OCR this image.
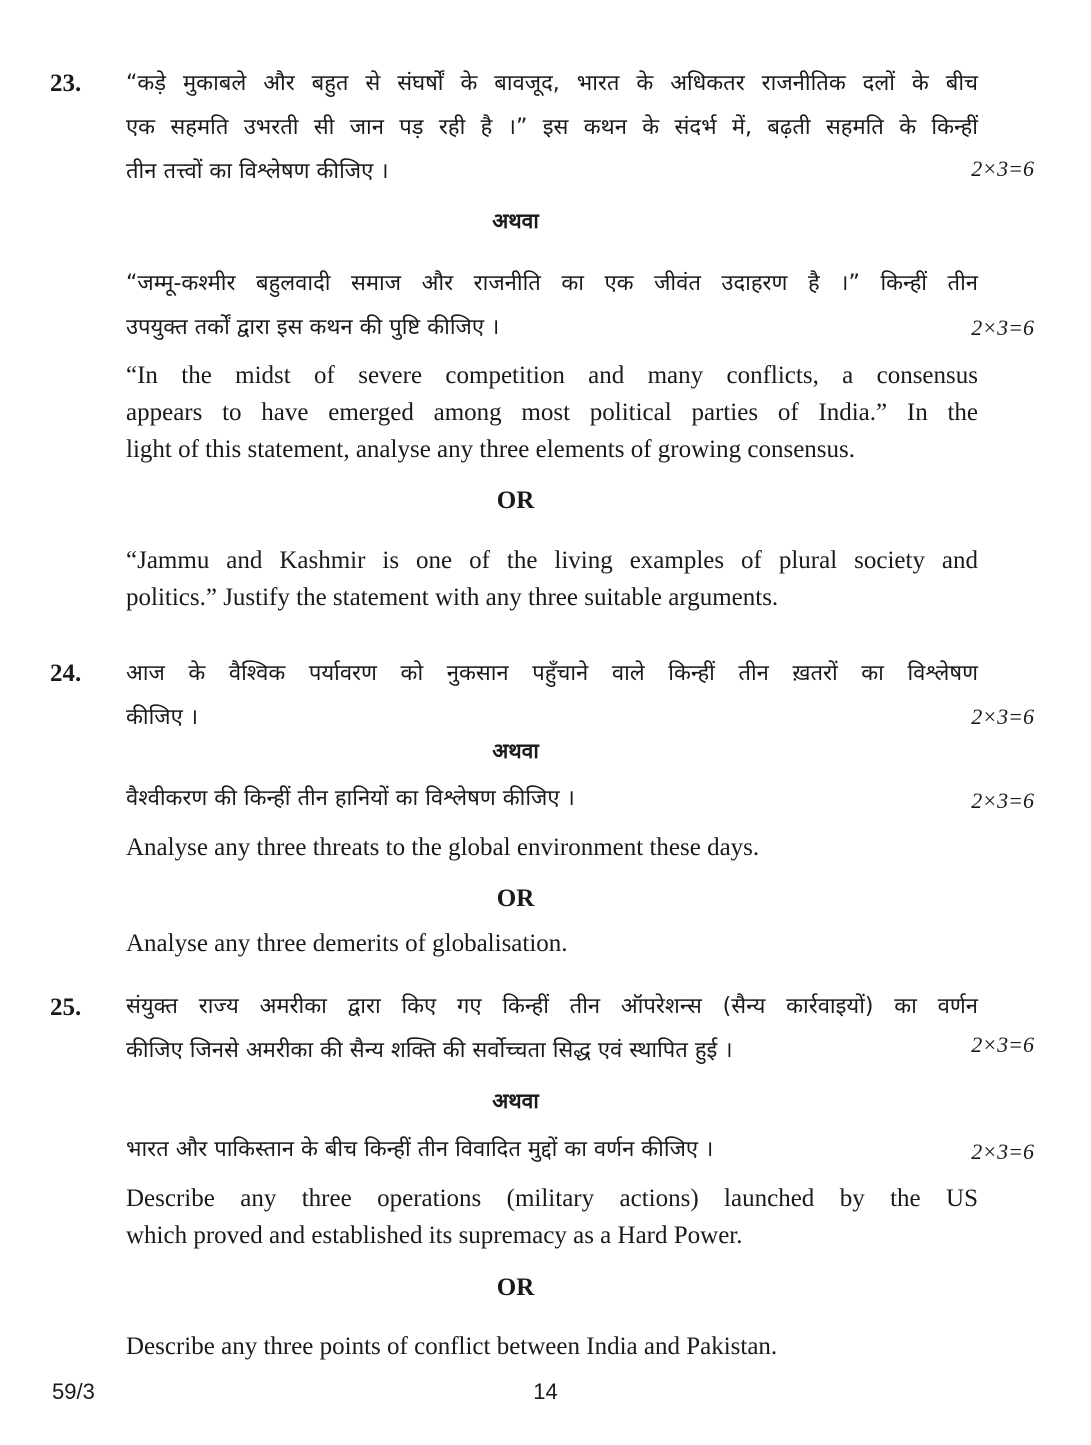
23. “कड़े मुकाबले और बहुत से संघर्षों के बावजूद, भारत के अधिकतर राजनीतिक दलों के बीच
एक सहमति उभरती सी जान पड़ रही है ।” इस कथन के संदर्भ में, बढ़ती सहमति के किन्हीं
तीन तत्त्वों का विश्लेषण कीजिए ।	2×3=6
अथवा
“जम्मू-कश्मीर बहुलवादी समाज और राजनीति का एक जीवंत उदाहरण है ।” किन्हीं तीन
उपयुक्त तर्कों द्वारा इस कथन की पुष्टि कीजिए ।	2×3=6
“In the midst of severe competition and many conflicts, a consensus
appears to have emerged among most political parties of India.” In the
light of this statement, analyse any three elements of growing consensus.
OR
“Jammu and Kashmir is one of the living examples of plural society and
politics.” Justify the statement with any three suitable arguments.
24. आज के वैश्विक पर्यावरण को नुकसान पहुँचाने वाले किन्हीं तीन ख़तरों का विश्लेषण
कीजिए ।	2×3=6
अथवा
वैश्वीकरण की किन्हीं तीन हानियों का विश्लेषण कीजिए ।	2×3=6
Analyse any three threats to the global environment these days.
OR
Analyse any three demerits of globalisation.
25. संयुक्त राज्य अमरीका द्वारा किए गए किन्हीं तीन ऑपरेशन्स (सैन्य कार्रवाइयों) का वर्णन
कीजिए जिनसे अमरीका की सैन्य शक्ति की सर्वोच्चता सिद्ध एवं स्थापित हुई ।	2×3=6
अथवा
भारत और पाकिस्तान के बीच किन्हीं तीन विवादित मुद्दों का वर्णन कीजिए ।	2×3=6
Describe any three operations (military actions) launched by the US
which proved and established its supremacy as a Hard Power.
OR
Describe any three points of conflict between India and Pakistan.
59/3	14
